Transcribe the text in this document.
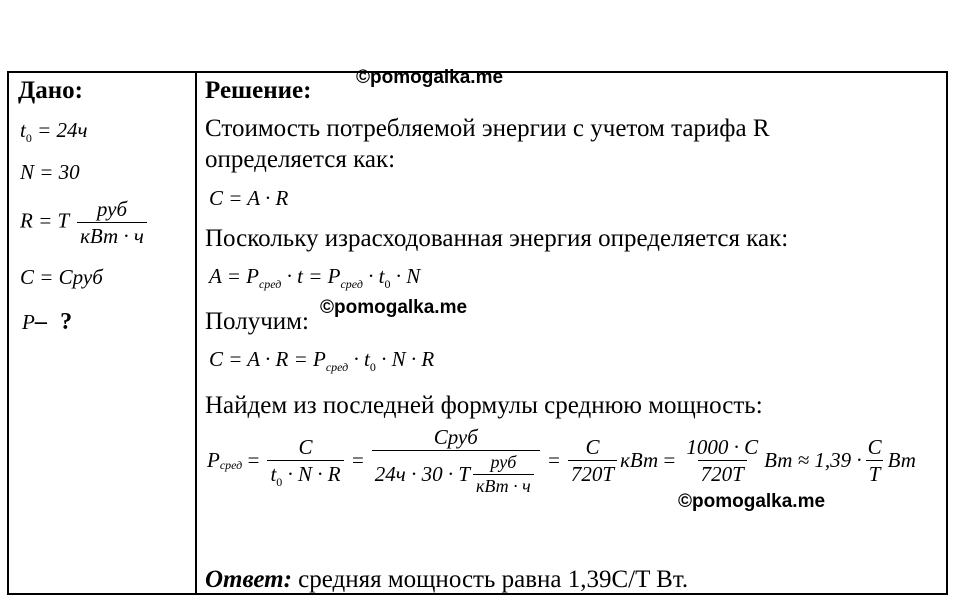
©pomogalka.me
©pomogalka.me
©pomogalka.me
Дано:
$t_0 = 24ч$
N = 30
R = T $\frac{\text{руб}}{\text{кВт · ч}}$
C = Cруб
P– ?
Решение:
Стоимость потребляемой энергии с учетом тарифа R
определяется как:
C = A · R
Поскольку израсходованная энергия определяется как:
$A = P_{сред} \cdot t = P_{сред} \cdot t_0 \cdot N$
Получим:
$C = A \cdot R = P_{сред} \cdot t_0 \cdot N \cdot R$
Найдем из последней формулы среднюю мощность:
P сред = $\frac{C}{t_0 \cdot N \cdot R} = \frac{\text{Cруб}}{24ч \cdot 30 \cdot T \frac{\text{руб}}{\text{кВт · ч}}} = \frac{C}{720T}$ кВт = $\frac{1000 \cdot C}{720T}$ Вт ≈ $1,39 \cdot \frac{C}{T}$ Вт
Ответ: средняя мощность равна 1,39C/T Вт.
